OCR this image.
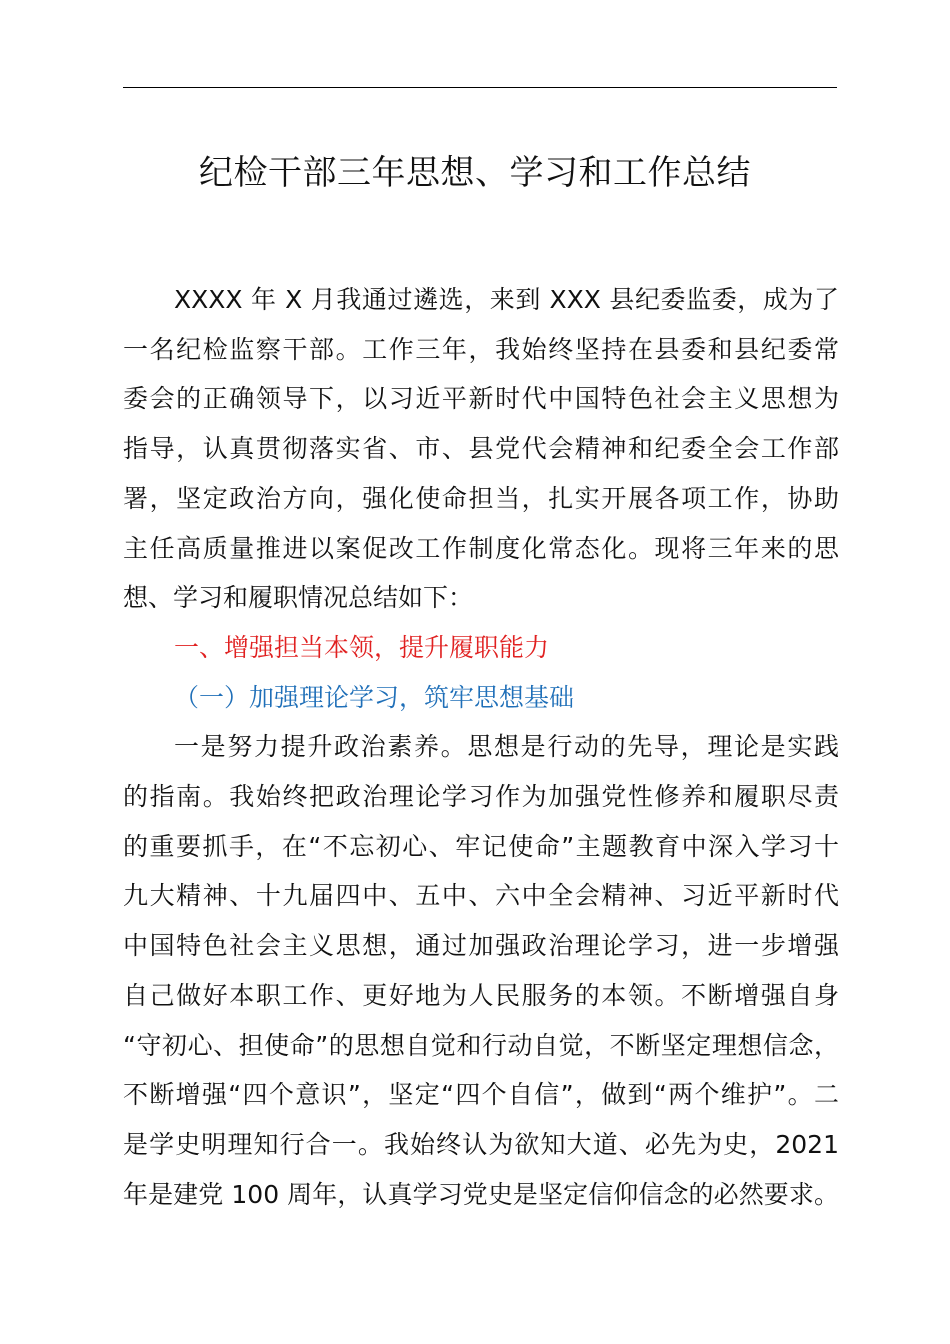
纪检干部三年思想、学习和工作总结
XXXX 年 X 月我通过遴选，来到 XXX 县纪委监委，成为了
一名纪检监察干部。工作三年，我始终坚持在县委和县纪委常
委会的正确领导下，以习近平新时代中国特色社会主义思想为
指导，认真贯彻落实省、市、县党代会精神和纪委全会工作部
署，坚定政治方向，强化使命担当，扎实开展各项工作，协助
主任高质量推进以案促改工作制度化常态化。现将三年来的思
想、学习和履职情况总结如下：
一、增强担当本领，提升履职能力
（一）加强理论学习，筑牢思想基础
一是努力提升政治素养。思想是行动的先导，理论是实践
的指南。我始终把政治理论学习作为加强党性修养和履职尽责
的重要抓手，在“不忘初心、牢记使命”主题教育中深入学习十
九大精神、十九届四中、五中、六中全会精神、习近平新时代
中国特色社会主义思想，通过加强政治理论学习，进一步增强
自己做好本职工作、更好地为人民服务的本领。不断增强自身
“守初心、担使命”的思想自觉和行动自觉，不断坚定理想信念，
不断增强“四个意识”，坚定“四个自信”，做到“两个维护”。二
是学史明理知行合一。我始终认为欲知大道、必先为史，2021
年是建党 100 周年，认真学习党史是坚定信仰信念的必然要求。
